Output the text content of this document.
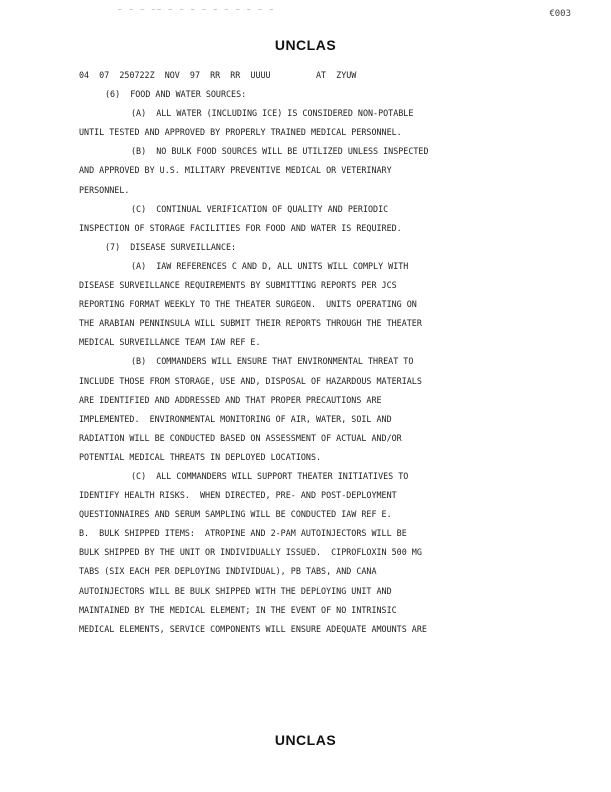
‒ ‒ ‒ –– ‒ ‒ ‒ ‒ ‒ ‒ ‒ ‒ ‒ ‒	€003
UNCLAS
04  07  250722Z  NOV  97  RR  RR  UUUU         AT  ZYUW
(6)  FOOD AND WATER SOURCES:
(A)  ALL WATER (INCLUDING ICE) IS CONSIDERED NON-POTABLE
UNTIL TESTED AND APPROVED BY PROPERLY TRAINED MEDICAL PERSONNEL.
(B)  NO BULK FOOD SOURCES WILL BE UTILIZED UNLESS INSPECTED
AND APPROVED BY U.S. MILITARY PREVENTIVE MEDICAL OR VETERINARY
PERSONNEL.
(C)  CONTINUAL VERIFICATION OF QUALITY AND PERIODIC
INSPECTION OF STORAGE FACILITIES FOR FOOD AND WATER IS REQUIRED.
(7)  DISEASE SURVEILLANCE:
(A)  IAW REFERENCES C AND D, ALL UNITS WILL COMPLY WITH
DISEASE SURVEILLANCE REQUIREMENTS BY SUBMITTING REPORTS PER JCS
REPORTING FORMAT WEEKLY TO THE THEATER SURGEON.  UNITS OPERATING ON
THE ARABIAN PENNINSULA WILL SUBMIT THEIR REPORTS THROUGH THE THEATER
MEDICAL SURVEILLANCE TEAM IAW REF E.
(B)  COMMANDERS WILL ENSURE THAT ENVIRONMENTAL THREAT TO
INCLUDE THOSE FROM STORAGE, USE AND, DISPOSAL OF HAZARDOUS MATERIALS
ARE IDENTIFIED AND ADDRESSED AND THAT PROPER PRECAUTIONS ARE
IMPLEMENTED.  ENVIRONMENTAL MONITORING OF AIR, WATER, SOIL AND
RADIATION WILL BE CONDUCTED BASED ON ASSESSMENT OF ACTUAL AND/OR
POTENTIAL MEDICAL THREATS IN DEPLOYED LOCATIONS.
(C)  ALL COMMANDERS WILL SUPPORT THEATER INITIATIVES TO
IDENTIFY HEALTH RISKS.  WHEN DIRECTED, PRE- AND POST-DEPLOYMENT
QUESTIONNAIRES AND SERUM SAMPLING WILL BE CONDUCTED IAW REF E.
B.  BULK SHIPPED ITEMS:  ATROPINE AND 2-PAM AUTOINJECTORS WILL BE
BULK SHIPPED BY THE UNIT OR INDIVIDUALLY ISSUED.  CIPROFLOXIN 500 MG
TABS (SIX EACH PER DEPLOYING INDIVIDUAL), PB TABS, AND CANA
AUTOINJECTORS WILL BE BULK SHIPPED WITH THE DEPLOYING UNIT AND
MAINTAINED BY THE MEDICAL ELEMENT; IN THE EVENT OF NO INTRINSIC
MEDICAL ELEMENTS, SERVICE COMPONENTS WILL ENSURE ADEQUATE AMOUNTS ARE
UNCLAS
